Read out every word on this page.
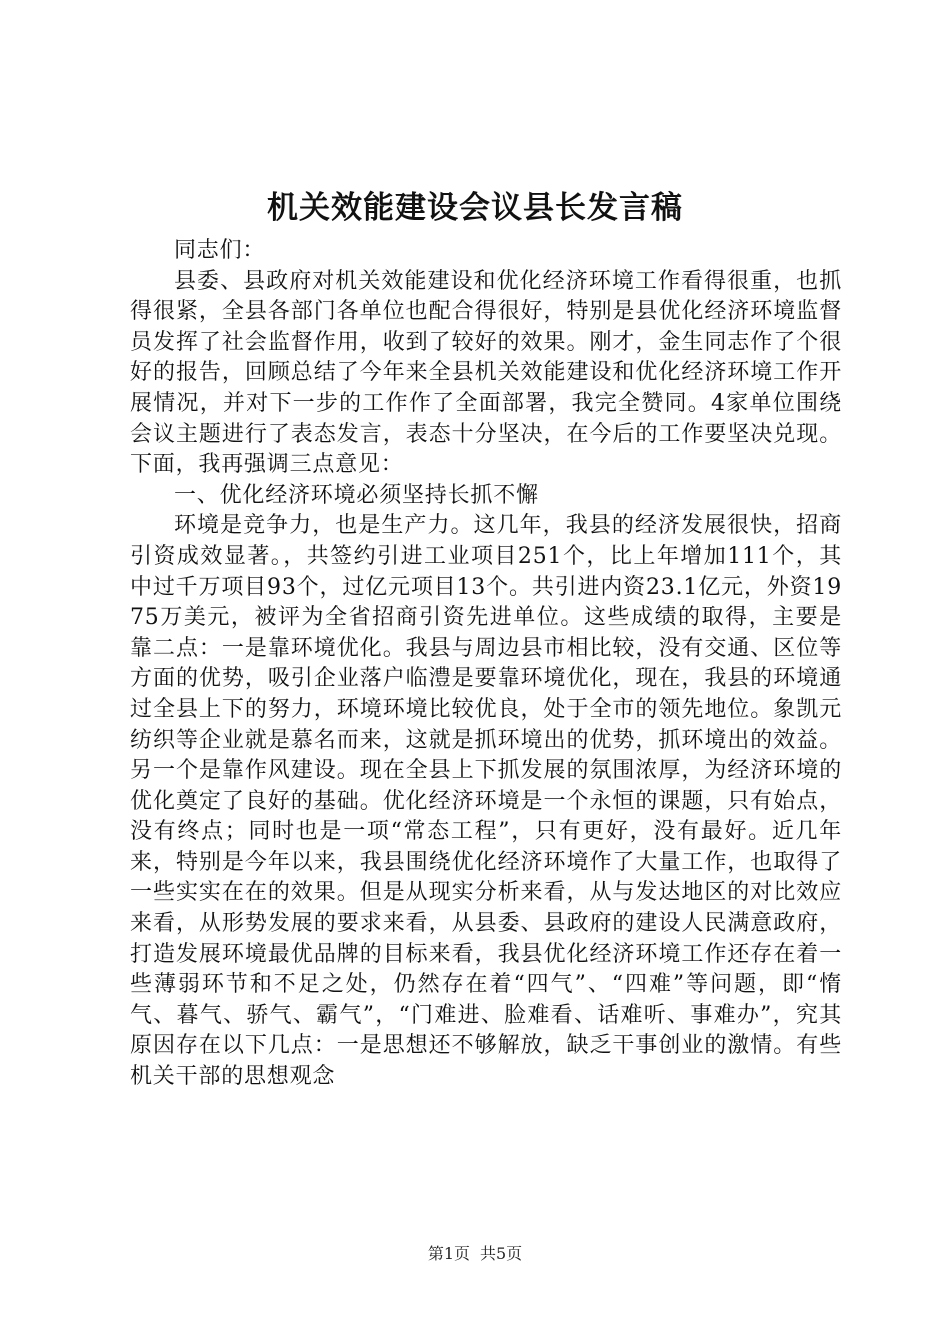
机关效能建设会议县长发言稿

同志们：

县委、县政府对机关效能建设和优化经济环境工作看得很重，也抓得很紧，全县各部门各单位也配合得很好，特别是县优化经济环境监督员发挥了社会监督作用，收到了较好的效果。刚才，金生同志作了个很好的报告，回顾总结了今年来全县机关效能建设和优化经济环境工作开展情况，并对下一步的工作作了全面部署，我完全赞同。4家单位围绕会议主题进行了表态发言，表态十分坚决，在今后的工作要坚决兑现。下面，我再强调三点意见：

一、优化经济环境必须坚持长抓不懈

环境是竞争力，也是生产力。这几年，我县的经济发展很快，招商引资成效显著。，共签约引进工业项目251个，比上年增加111个，其中过千万项目93个，过亿元项目13个。共引进内资23.1亿元，外资1975万美元，被评为全省招商引资先进单位。这些成绩的取得，主要是靠二点：一是靠环境优化。我县与周边县市相比较，没有交通、区位等方面的优势，吸引企业落户临澧是要靠环境优化，现在，我县的环境通过全县上下的努力，环境环境比较优良，处于全市的领先地位。象凯元纺织等企业就是慕名而来，这就是抓环境出的优势，抓环境出的效益。另一个是靠作风建设。现在全县上下抓发展的氛围浓厚，为经济环境的优化奠定了良好的基础。优化经济环境是一个永恒的课题，只有始点，没有终点；同时也是一项“常态工程”，只有更好，没有最好。近几年来，特别是今年以来，我县围绕优化经济环境作了大量工作，也取得了一些实实在在的效果。但是从现实分析来看，从与发达地区的对比效应来看，从形势发展的要求来看，从县委、县政府的建设人民满意政府，打造发展环境最优品牌的目标来看，我县优化经济环境工作还存在着一些薄弱环节和不足之处，仍然存在着“四气”、“四难”等问题，即“惰气、暮气、骄气、霸气”，“门难进、脸难看、话难听、事难办”，究其原因存在以下几点：一是思想还不够解放，缺乏干事创业的激情。有些机关干部的思想观念

第1页 共5页
